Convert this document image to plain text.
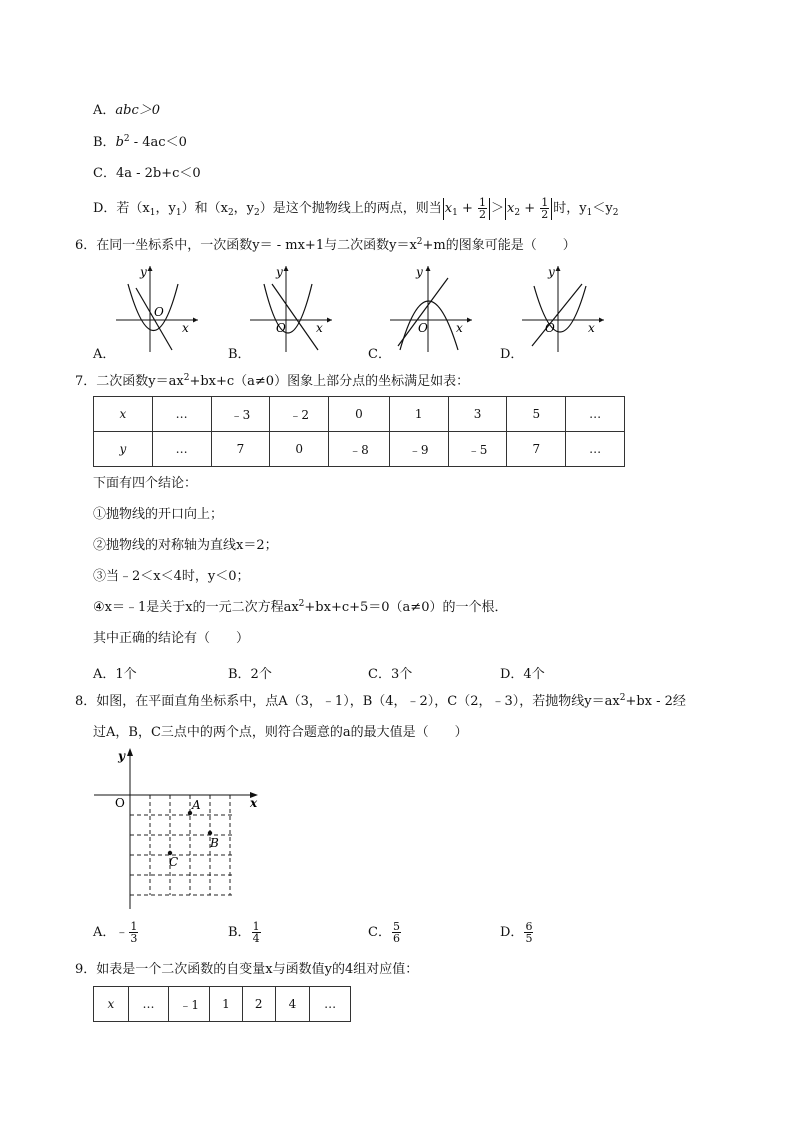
A．abc＞0
B．$b^2 - 4ac<0$
C．4a - 2b+c＜0
D．若（$x_1$，$y_1$）和（$x_2$，$y_2$）是这个抛物线上的两点，则当 $x_1 + \frac{1}{2} > x_2 + \frac{1}{2}$ 时，$y_1<y_2$
6．在同一坐标系中，一次函数y＝ - mx+1与二次函数$y=x^2+m$的图象可能是（　　）
y
x
O
y
x
O
y
x
O
y
x
O
A．	B．	C．	D．
7．二次函数$y=ax^2+bx+c(a\ne 0)$图象上部分点的坐标满足如表：
x	…	﹣3	﹣2	0	1	3	5	…
y	…	7	0	﹣8	﹣9	﹣5	7	…
下面有四个结论：
①抛物线的开口向上；
②抛物线的对称轴为直线x＝2；
③当﹣2＜x＜4时，y＜0；
④x＝﹣1是关于x的一元二次方程$ax^2+bx+c+5=0(a\ne 0)$的一个根．
其中正确的结论有（　　）
A．1个	B．2个	C．3个	D．4个
8．如图，在平面直角坐标系中，点A（3，﹣1），B（4，﹣2），C（2，﹣3），若抛物线$y=ax^2+bx - 2$经
过A，B，C三点中的两个点，则符合题意的a的最大值是（　　）
y
x
O	A
B
C
A．﹣ $\frac{1}{3}$	B． $\frac{1}{4}$	C． $\frac{5}{6}$	D． $\frac{6}{5}$
9．如表是一个二次函数的自变量x与函数值y的4组对应值：
x	…	﹣1	1	2	4	…
